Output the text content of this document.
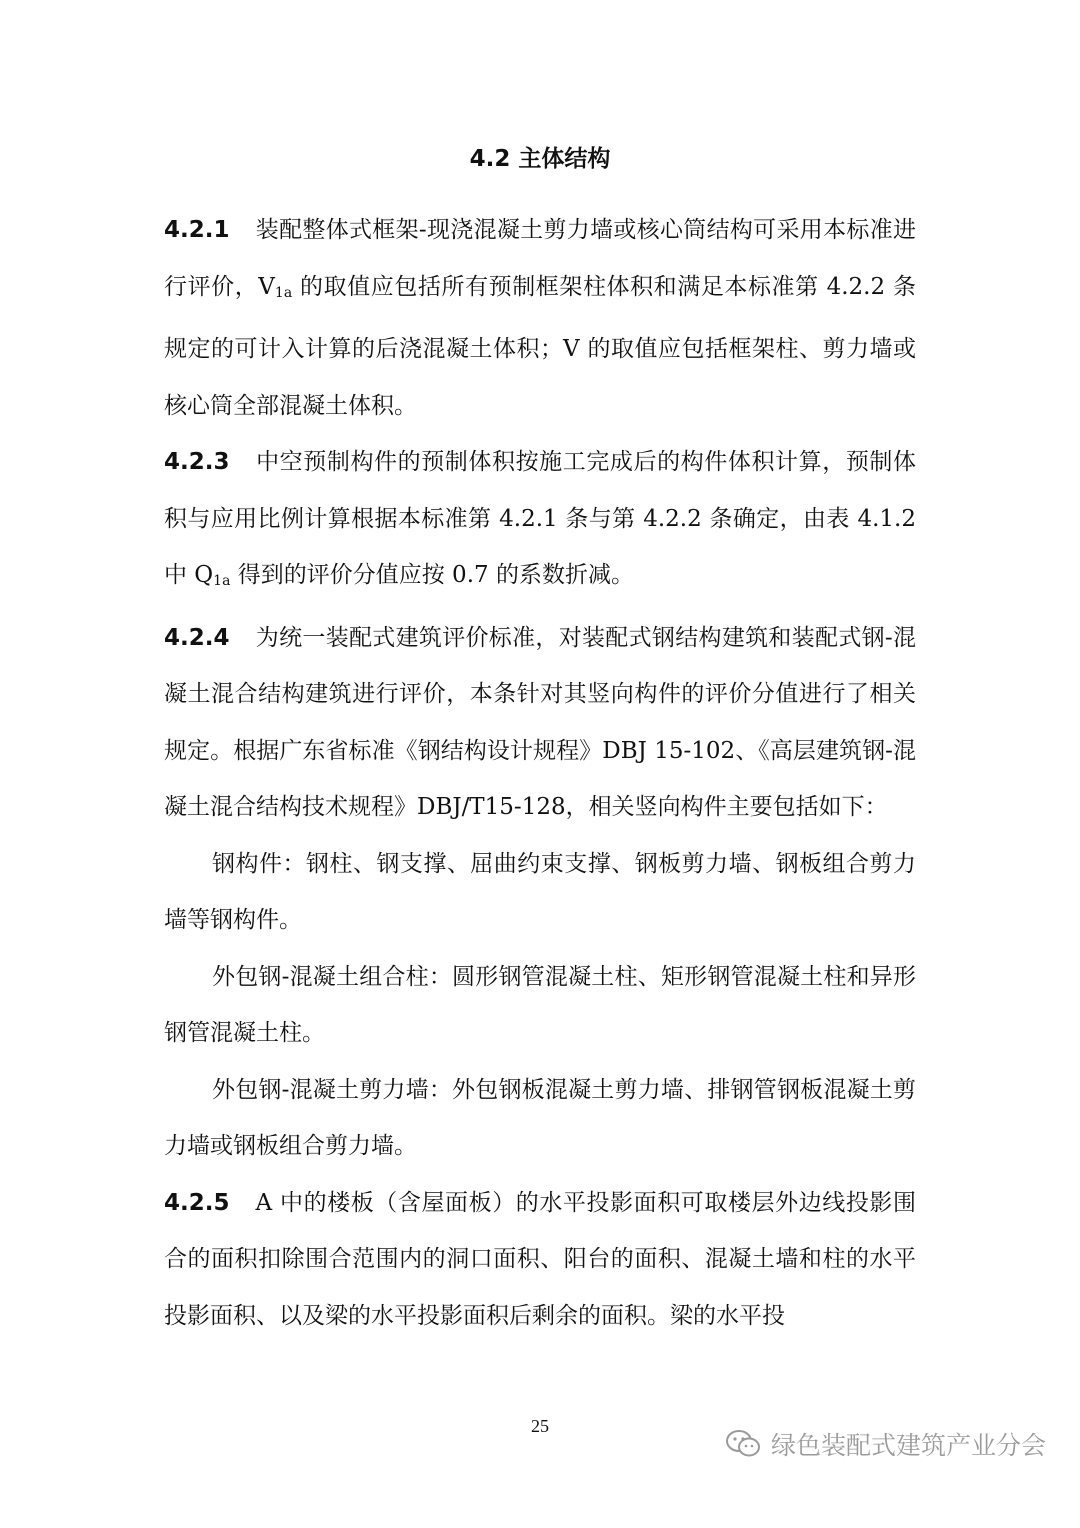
4.2 主体结构

4.2.1 装配整体式框架-现浇混凝土剪力墙或核心筒结构可采用本标准进行评价，$V_{1a}$ 的取值应包括所有预制框架柱体积和满足本标准第 4.2.2 条规定的可计入计算的后浇混凝土体积；V 的取值应包括框架柱、剪力墙或核心筒全部混凝土体积。

4.2.3 中空预制构件的预制体积按施工完成后的构件体积计算，预制体积与应用比例计算根据本标准第 4.2.1 条与第 4.2.2 条确定，由表 4.1.2 中 $Q_{1a}$ 得到的评价分值应按 0.7 的系数折减。

4.2.4 为统一装配式建筑评价标准，对装配式钢结构建筑和装配式钢-混凝土混合结构建筑进行评价，本条针对其竖向构件的评价分值进行了相关规定。根据广东省标准《钢结构设计规程》DBJ 15-102、《高层建筑钢-混凝土混合结构技术规程》DBJ/T15-128，相关竖向构件主要包括如下：

钢构件：钢柱、钢支撑、屈曲约束支撑、钢板剪力墙、钢板组合剪力墙等钢构件。

外包钢-混凝土组合柱：圆形钢管混凝土柱、矩形钢管混凝土柱和异形钢管混凝土柱。

外包钢-混凝土剪力墙：外包钢板混凝土剪力墙、排钢管钢板混凝土剪力墙或钢板组合剪力墙。

4.2.5 A 中的楼板（含屋面板）的水平投影面积可取楼层外边线投影围合的面积扣除围合范围内的洞口面积、阳台的面积、混凝土墙和柱的水平投影面积、以及梁的水平投影面积后剩余的面积。梁的水平投

25
绿色装配式建筑产业分会
